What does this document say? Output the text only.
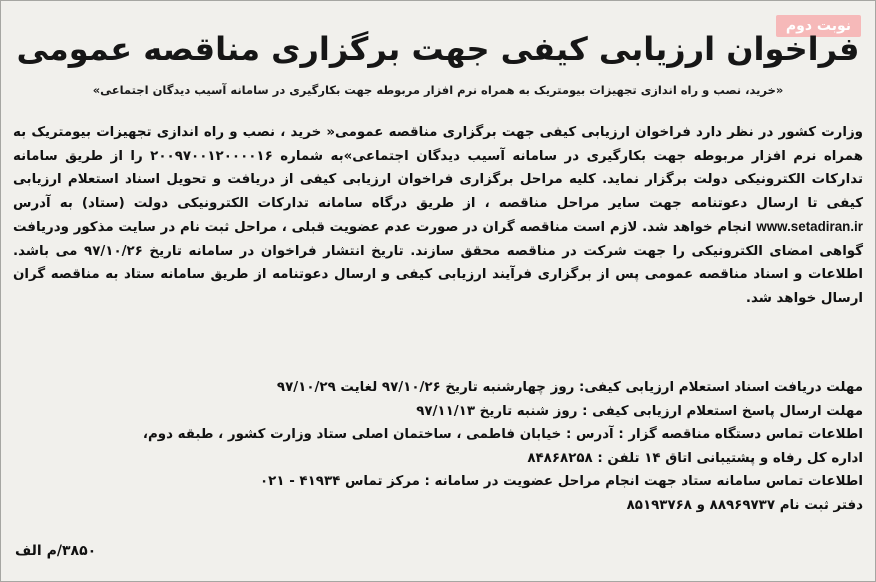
نوبت دوم
فراخوان ارزیابی کیفی جهت برگزاری مناقصه عمومی
«خرید، نصب و راه اندازی تجهیزات بیومتریک به همراه نرم افزار مربوطه جهت بکارگیری در سامانه آسیب دیدگان اجتماعی»

وزارت کشور در نظر دارد فراخوان ارزیابی کیفی جهت برگزاری مناقصه عمومی« خرید ، نصب و راه اندازی تجهیزات بیومتریک به همراه نرم افزار مربوطه جهت بکارگیری در سامانه آسیب دیدگان اجتماعی»به شماره ۲۰۰۹۷۰۰۱۲۰۰۰۰۱۶ را از طریق سامانه تدارکات الکترونیکی دولت برگزار نماید. کلیه مراحل برگزاری فراخوان ارزیابی کیفی از دریافت و تحویل اسناد استعلام ارزیابی کیفی تا ارسال دعوتنامه جهت سایر مراحل مناقصه ، از طریق درگاه سامانه تدارکات الکترونیکی دولت (ستاد) به آدرس www.setadiran.ir انجام خواهد شد. لازم است مناقصه گران در صورت عدم عضویت قبلی ، مراحل ثبت نام در سایت مذکور ودریافت گواهی امضای الکترونیکی را جهت شرکت در مناقصه محقق سازند. تاریخ انتشار فراخوان در سامانه تاریخ ۹۷/۱۰/۲۶ می باشد. اطلاعات و اسناد مناقصه عمومی پس از برگزاری فرآیند ارزیابی کیفی و ارسال دعوتنامه از طریق سامانه ستاد به مناقصه گران ارسال خواهد شد.

مهلت دریافت اسناد استعلام ارزیابی کیفی: روز چهارشنبه تاریخ ۹۷/۱۰/۲۶ لغایت ۹۷/۱۰/۲۹
مهلت ارسال پاسخ استعلام ارزیابی کیفی : روز شنبه تاریخ ۹۷/۱۱/۱۳
اطلاعات تماس دستگاه مناقصه گزار : آدرس : خیابان فاطمی ، ساختمان اصلی ستاد وزارت کشور ، طبقه دوم،
اداره کل رفاه و پشتیبانی اتاق ۱۴ تلفن : ۸۴۸۶۸۲۵۸
اطلاعات تماس سامانه ستاد جهت انجام مراحل عضویت در سامانه : مرکز تماس ۴۱۹۳۴ - ۰۲۱
دفتر ثبت نام ۸۸۹۶۹۷۳۷ و ۸۵۱۹۳۷۶۸
۳۸۵۰/م الف
